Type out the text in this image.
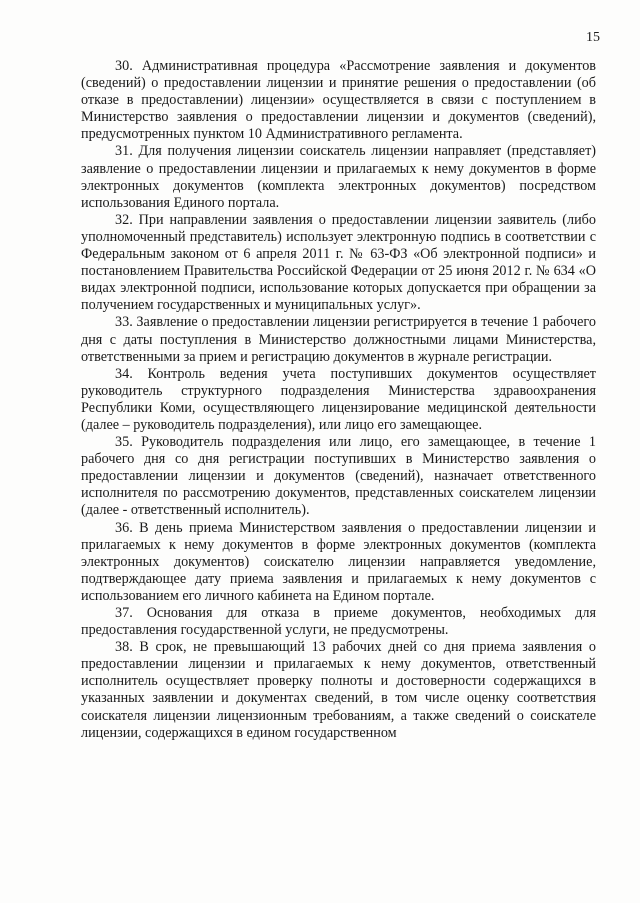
15

30. Административная процедура «Рассмотрение заявления и документов (сведений) о предоставлении лицензии и принятие решения о предоставлении (об отказе в предоставлении) лицензии» осуществляется в связи с поступлением в Министерство заявления о предоставлении лицензии и документов (сведений), предусмотренных пунктом 10 Административного регламента.

31. Для получения лицензии соискатель лицензии направляет (представляет) заявление о предоставлении лицензии и прилагаемых к нему документов в форме электронных документов (комплекта электронных документов) посредством использования Единого портала.

32. При направлении заявления о предоставлении лицензии заявитель (либо уполномоченный представитель) использует электронную подпись в соответствии с Федеральным законом от 6 апреля 2011 г. № 63-ФЗ «Об электронной подписи» и постановлением Правительства Российской Федерации от 25 июня 2012 г. № 634 «О видах электронной подписи, использование которых допускается при обращении за получением государственных и муниципальных услуг».

33. Заявление о предоставлении лицензии регистрируется в течение 1 рабочего дня с даты поступления в Министерство должностными лицами Министерства, ответственными за прием и регистрацию документов в журнале регистрации.

34. Контроль ведения учета поступивших документов осуществляет руководитель структурного подразделения Министерства здравоохранения Республики Коми, осуществляющего лицензирование медицинской деятельности (далее – руководитель подразделения), или лицо его замещающее.

35. Руководитель подразделения или лицо, его замещающее, в течение 1 рабочего дня со дня регистрации поступивших в Министерство заявления о предоставлении лицензии и документов (сведений), назначает ответственного исполнителя по рассмотрению документов, представленных соискателем лицензии (далее - ответственный исполнитель).

36. В день приема Министерством заявления о предоставлении лицензии и прилагаемых к нему документов в форме электронных документов (комплекта электронных документов) соискателю лицензии направляется уведомление, подтверждающее дату приема заявления и прилагаемых к нему документов с использованием его личного кабинета на Едином портале.

37. Основания для отказа в приеме документов, необходимых для предоставления государственной услуги, не предусмотрены.

38. В срок, не превышающий 13 рабочих дней со дня приема заявления о предоставлении лицензии и прилагаемых к нему документов, ответственный исполнитель осуществляет проверку полноты и достоверности содержащихся в указанных заявлении и документах сведений, в том числе оценку соответствия соискателя лицензии лицензионным требованиям, а также сведений о соискателе лицензии, содержащихся в едином государственном
